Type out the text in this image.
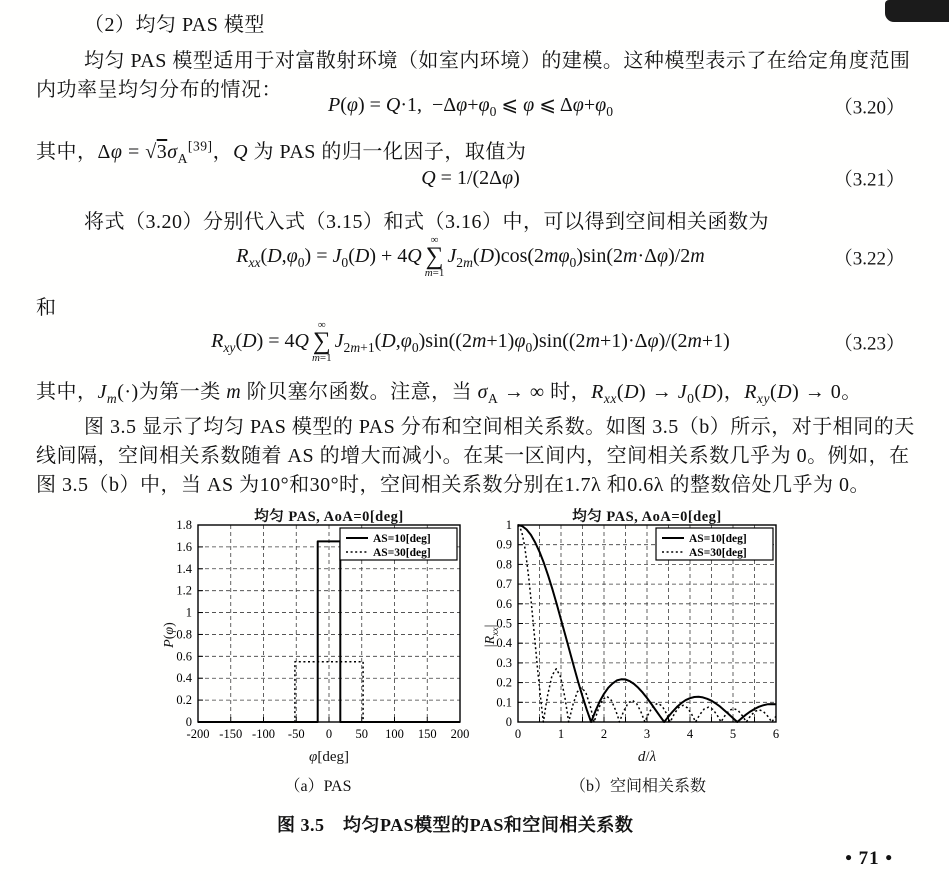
（2）均匀 PAS 模型
均匀 PAS 模型适用于对富散射环境（如室内环境）的建模。这种模型表示了在给定角度范围
内功率呈均匀分布的情况：
P(φ) = Q·1,  $-\Delta\varphi+\varphi_0$ ⩽ φ ⩽ $\Delta\varphi+\varphi_0$	（3.20）
其中，$\Delta\varphi = √3\sigma_A[39]$，Q 为 PAS 的归一化因子，取值为
Q = 1/(2Δφ)	（3.21）
将式（3.20）分别代入式（3.15）和式（3.16）中，可以得到空间相关函数为
$R_{xx}(D,\varphi_0) = J_0(D) + 4Q$
∞
∑
m=1
$J_{2m}(D)\cos(2m\varphi_0)\sin(2m\cdot\Delta\varphi)/2m$	（3.22）
和
$R_{xy}(D) = 4Q$
∞
∑
m=1
$J_{2m+1}(D,\varphi_0)\sin((2m+1)\varphi_0)\sin((2m+1)\cdot\Delta\varphi)/(2m+1)$	（3.23）
其中，$J_m(\cdot)$为第一类 m 阶贝塞尔函数。注意，当 $\sigma_A$ → ∞ 时，$R_{xx}(D) \to J_0(D)$，$R_{xy}(D) \to 0$。
图 3.5 显示了均匀 PAS 模型的 PAS 分布和空间相关系数。如图 3.5（b）所示，对于相同的天
线间隔，空间相关系数随着 AS 的增大而减小。在某一区间内，空间相关系数几乎为 0。例如，在
图 3.5（b）中，当 AS 为10°和30°时，空间相关系数分别在1.7λ 和0.6λ 的整数倍处几乎为 0。
-200 -150 -100 -50 0 50 100 150 200
0
0.2
0.4
0.6
0.8
1
1.2
1.4
1.6
1.8
AS=10[deg]
AS=30[deg]
均匀 PAS, AoA=0[deg]
P(φ)
φ[deg]
（a）PAS
0	1	2	3	4	5	6
0
0.1
0.2
0.3
0.4
0.5
0.6
0.7
0.8
0.9
1
AS=10[deg]
AS=30[deg]
均匀 PAS, AoA=0[deg]
$|R_{xx}|$
d/λ
（b）空间相关系数
图 3.5　均匀PAS模型的PAS和空间相关系数
• 71 •
